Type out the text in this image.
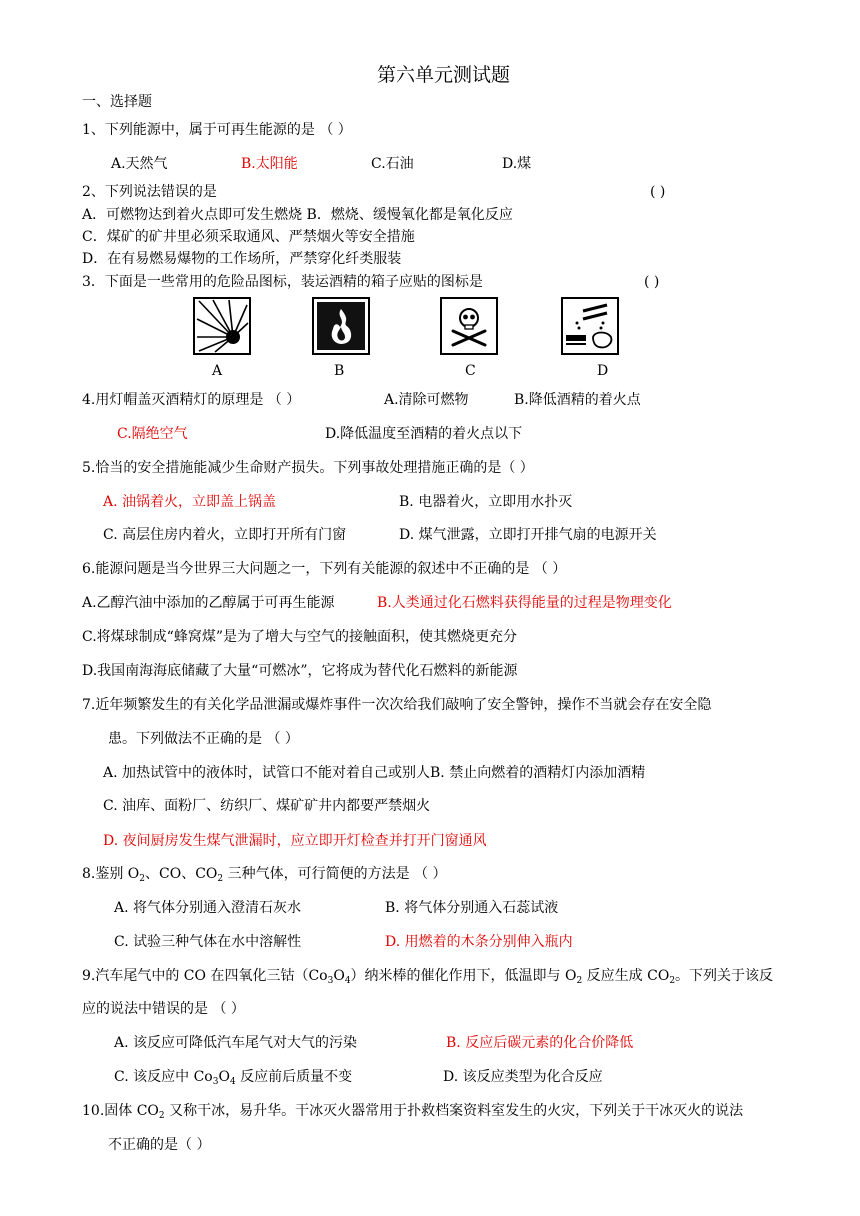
第六单元测试题
一、选择题
1、下列能源中，属于可再生能源的是 （ ）
A.天然气	B.太阳能	C.石油	D.煤
2、下列说法错误的是	( )
A．可燃物达到着火点即可发生燃烧 B．燃烧、缓慢氧化都是氧化反应
C．煤矿的矿井里必须采取通风、严禁烟火等安全措施
D．在有易燃易爆物的工作场所，严禁穿化纤类服装
3．下面是一些常用的危险品图标，装运酒精的箱子应贴的图标是	( )
A	B	C	D
4.用灯帽盖灭酒精灯的原理是 （ ）	A.清除可燃物	B.降低酒精的着火点
C.隔绝空气	D.降低温度至酒精的着火点以下
5.恰当的安全措施能减少生命财产损失。下列事故处理措施正确的是（ ）
A. 油锅着火，立即盖上锅盖	B. 电器着火，立即用水扑灭
C. 高层住房内着火，立即打开所有门窗	D. 煤气泄露，立即打开排气扇的电源开关
6.能源问题是当今世界三大问题之一，下列有关能源的叙述中不正确的是 （ ）
A.乙醇汽油中添加的乙醇属于可再生能源	B.人类通过化石燃料获得能量的过程是物理变化
C.将煤球制成“蜂窝煤”是为了增大与空气的接触面积，使其燃烧更充分
D.我国南海海底储藏了大量“可燃冰”，它将成为替代化石燃料的新能源
7.近年频繁发生的有关化学品泄漏或爆炸事件一次次给我们敲响了安全警钟，操作不当就会存在安全隐
患。下列做法不正确的是 （ ）
A. 加热试管中的液体时，试管口不能对着自己或别人B. 禁止向燃着的酒精灯内添加酒精
C. 油库、面粉厂、纺织厂、煤矿矿井内都要严禁烟火
D. 夜间厨房发生煤气泄漏时，应立即开灯检查并打开门窗通风
8.鉴别 $O_2$、CO、$CO_2$ 三种气体，可行简便的方法是 （ ）
A. 将气体分别通入澄清石灰水	B. 将气体分别通入石蕊试液
C. 试验三种气体在水中溶解性	D. 用燃着的木条分别伸入瓶内
9.汽车尾气中的 CO 在四氧化三钴$(Co_3O_4)$纳米棒的催化作用下，低温即与 $O_2$ 反应生成 $CO_2$。下列关于该反
应的说法中错误的是 （ ）
A. 该反应可降低汽车尾气对大气的污染	B. 反应后碳元素的化合价降低
C. 该反应中 $Co_3O_4$ 反应前后质量不变	D. 该反应类型为化合反应
10.固体 $CO_2$ 又称干冰，易升华。干冰灭火器常用于扑救档案资料室发生的火灾，下列关于干冰灭火的说法
不正确的是（ ）
